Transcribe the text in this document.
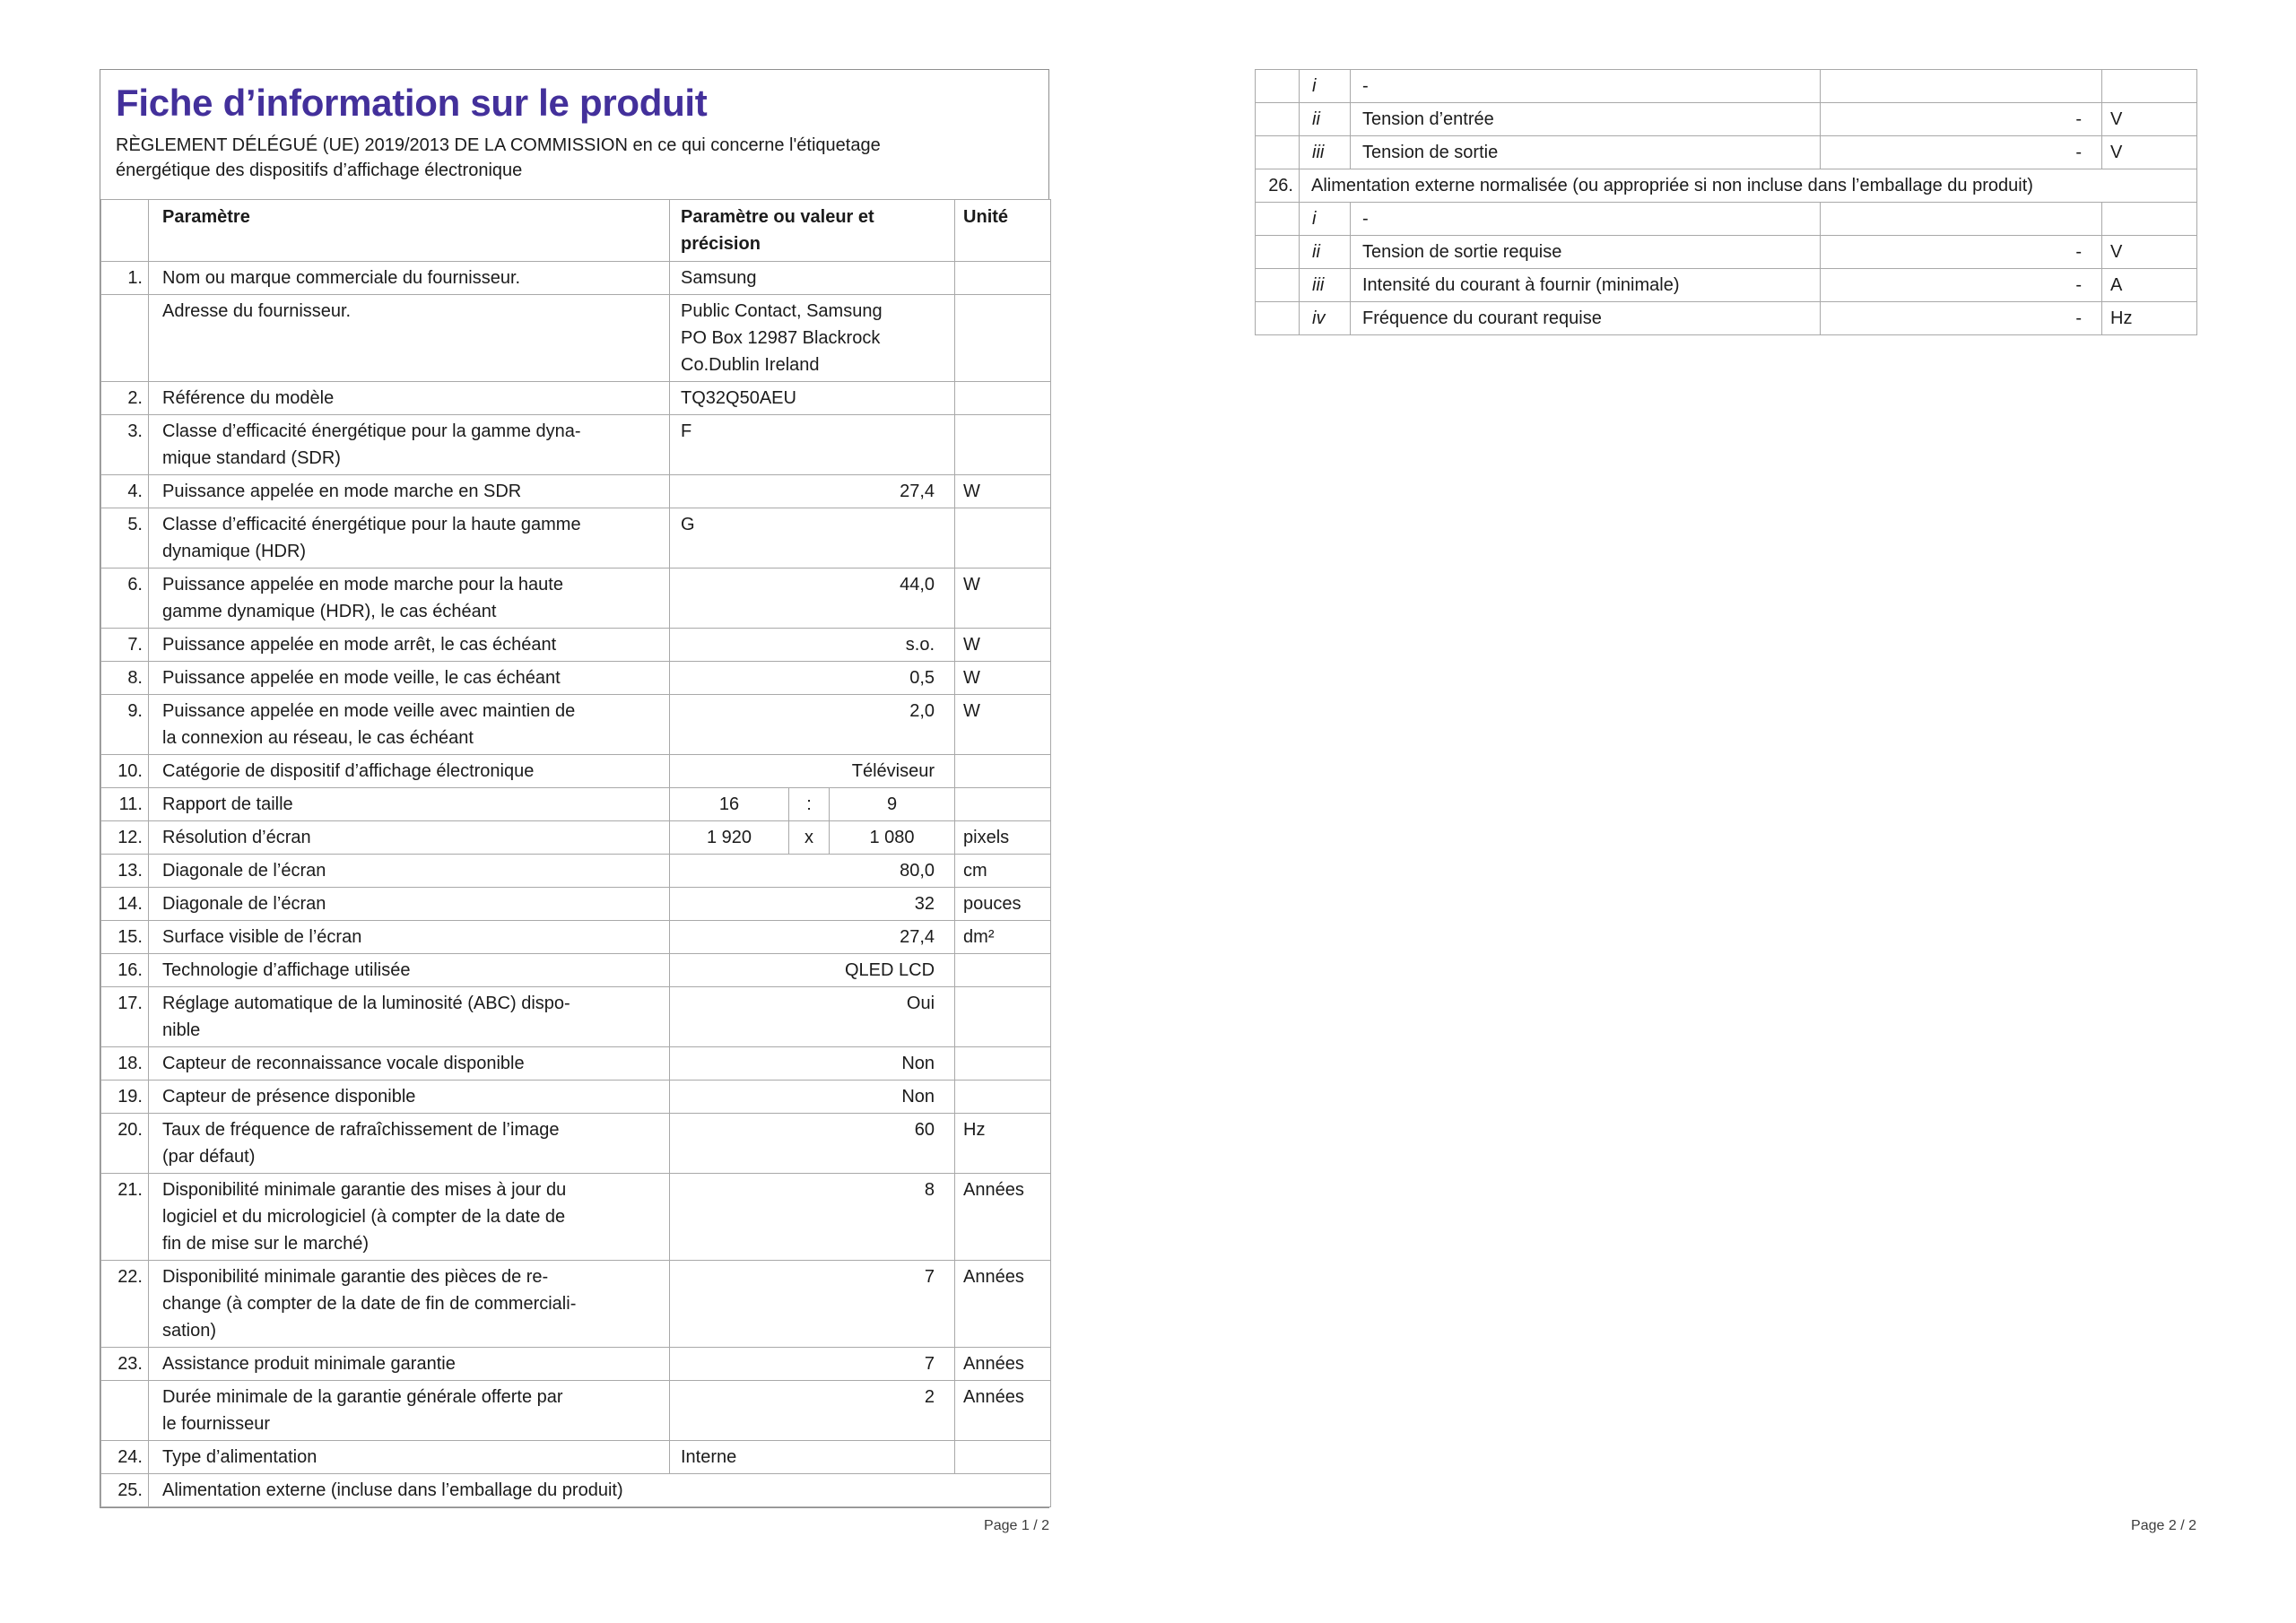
Fiche d’information sur le produit

RÈGLEMENT DÉLÉGUÉ (UE) 2019/2013 DE LA COMMISSION en ce qui concerne l'étiquetage
énergétique des dispositifs d’affichage électronique

	Paramètre	Paramètre ou valeur et
précision			Unité
1.	Nom ou marque commerciale du fournisseur.	Samsung			
	Adresse du fournisseur.	Public Contact, Samsung
PO Box 12987 Blackrock
Co.Dublin Ireland			
2.	Référence du modèle	TQ32Q50AEU			
3.	Classe d’efficacité énergétique pour la gamme dyna-
mique standard (SDR)	F			
4.	Puissance appelée en mode marche en SDR	27,4			W
5.	Classe d’efficacité énergétique pour la haute gamme
dynamique (HDR)	G			
6.	Puissance appelée en mode marche pour la haute
gamme dynamique (HDR), le cas échéant	44,0			W
7.	Puissance appelée en mode arrêt, le cas échéant	s.o.			W
8.	Puissance appelée en mode veille, le cas échéant	0,5			W
9.	Puissance appelée en mode veille avec maintien de
la connexion au réseau, le cas échéant	2,0			W
10.	Catégorie de dispositif d’affichage électronique	Téléviseur			
11.	Rapport de taille	16	:	9	
12.	Résolution d’écran	1 920	x	1 080	pixels
13.	Diagonale de l’écran	80,0			cm
14.	Diagonale de l’écran	32			pouces
15.	Surface visible de l’écran	27,4			dm²
16.	Technologie d’affichage utilisée	QLED LCD			
17.	Réglage automatique de la luminosité (ABC) dispo-
nible	Oui			
18.	Capteur de reconnaissance vocale disponible	Non			
19.	Capteur de présence disponible	Non			
20.	Taux de fréquence de rafraîchissement de l’image
(par défaut)	60			Hz
21.	Disponibilité minimale garantie des mises à jour du
logiciel et du micrologiciel (à compter de la date de
fin de mise sur le marché)	8			Années
22.	Disponibilité minimale garantie des pièces de re-
change (à compter de la date de fin de commerciali-
sation)	7			Années
23.	Assistance produit minimale garantie	7			Années
	Durée minimale de la garantie générale offerte par
le fournisseur	2			Années
24.	Type d’alimentation	Interne			
25.	Alimentation externe (incluse dans l’emballage du produit)				
	i	-		
	ii	Tension d’entrée	-	V
	iii	Tension de sortie	-	V
26.	Alimentation externe normalisée (ou appropriée si non incluse dans l’emballage du produit)			
	i	-		
	ii	Tension de sortie requise	-	V
	iii	Intensité du courant à fournir (minimale)	-	A
	iv	Fréquence du courant requise	-	Hz
Page 1 / 2	Page 2 / 2
